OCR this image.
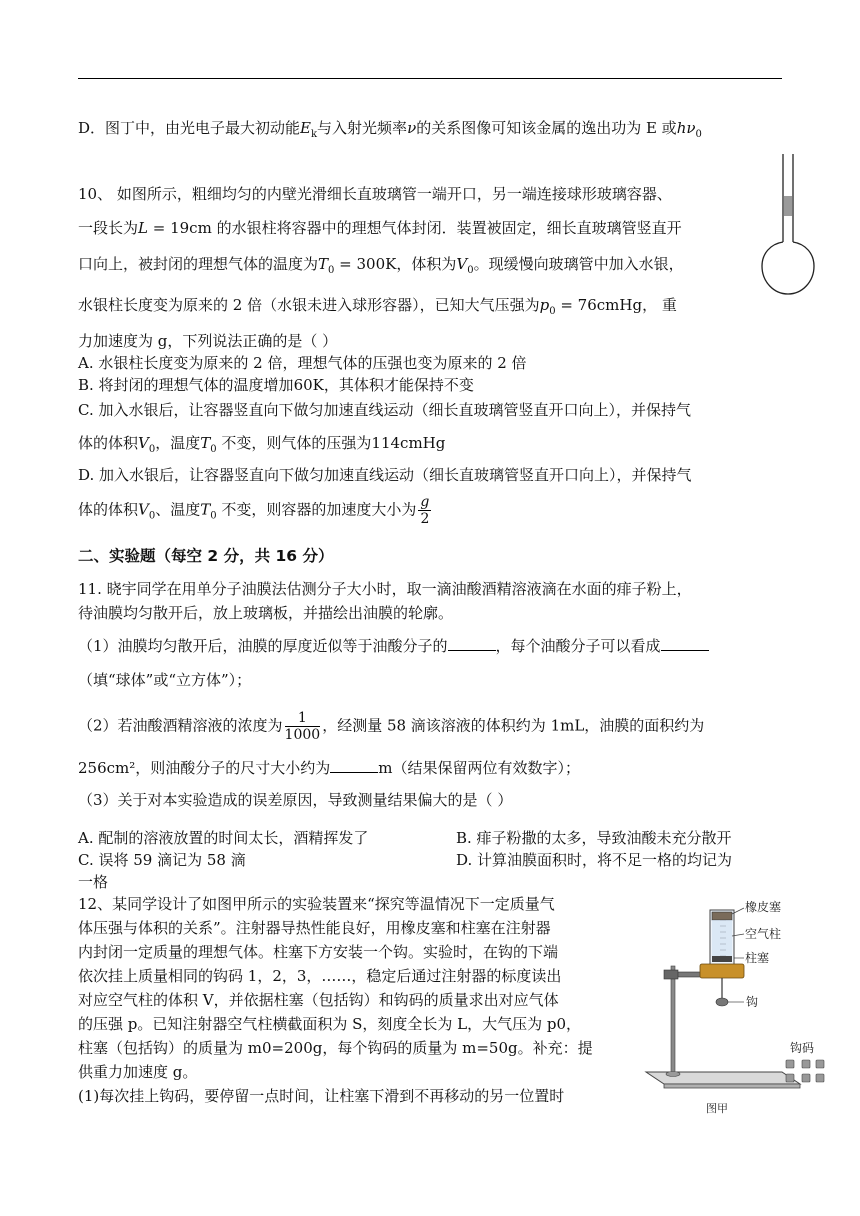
D．图丁中，由光电子最大初动能$E_k$与入射光频率ν的关系图像可知该金属的逸出功为 E 或$h\nu_0$
10、 如图所示，粗细均匀的内壁光滑细长直玻璃管一端开口，另一端连接球形玻璃容器、
一段长为L = 19cm 的水银柱将容器中的理想气体封闭．装置被固定，细长直玻璃管竖直开
口向上，被封闭的理想气体的温度为$T_0 = 300K$，体积为$V_0$。现缓慢向玻璃管中加入水银，
水银柱长度变为原来的 2 倍（水银未进入球形容器），已知大气压强为$p_0$ = 76cmHg， 重
力加速度为 g，下列说法正确的是（ ）
A. 水银柱长度变为原来的 2 倍，理想气体的压强也变为原来的 2 倍
B. 将封闭的理想气体的温度增加60K，其体积才能保持不变
C. 加入水银后，让容器竖直向下做匀加速直线运动（细长直玻璃管竖直开口向上），并保持气
体的体积$V_0$，温度$T_0$ 不变，则气体的压强为114cmHg
D. 加入水银后，让容器竖直向下做匀加速直线运动（细长直玻璃管竖直开口向上），并保持气
体的体积$V_0$、温度$T_0$ 不变，则容器的加速度大小为 $\frac{g}{2}$
二、实验题（每空 2 分，共 16 分）
11. 晓宇同学在用单分子油膜法估测分子大小时，取一滴油酸酒精溶液滴在水面的痱子粉上，
待油膜均匀散开后，放上玻璃板，并描绘出油膜的轮廓。
（1）油膜均匀散开后，油膜的厚度近似等于油酸分子的	，每个油酸分子可以看成
（填“球体”或“立方体”）；
（2）若油酸酒精溶液的浓度为 $\frac{1}{1000}$ ，经测量 58 滴该溶液的体积约为 1mL，油膜的面积约为
256cm²，则油酸分子的尺寸大小约为	m（结果保留两位有效数字）；
（3）关于对本实验造成的误差原因，导致测量结果偏大的是（ ）
A. 配制的溶液放置的时间太长，酒精挥发了	B. 痱子粉撒的太多，导致油酸未充分散开
C. 误将 59 滴记为 58 滴	D. 计算油膜面积时，将不足一格的均记为
一格
12、某同学设计了如图甲所示的实验装置来“探究等温情况下一定质量气
体压强与体积的关系”。注射器导热性能良好，用橡皮塞和柱塞在注射器
内封闭一定质量的理想气体。柱塞下方安装一个钩。实验时，在钩的下端
依次挂上质量相同的钩码 1，2，3，……，稳定后通过注射器的标度读出
对应空气柱的体积 V，并依据柱塞（包括钩）和钩码的质量求出对应气体
的压强 p。已知注射器空气柱横截面积为 S，刻度全长为 L，大气压为 p0，
柱塞（包括钩）的质量为 m0=200g，每个钩码的质量为 m=50g。补充：提
供重力加速度 g。
(1)每次挂上钩码，要停留一点时间，让柱塞下滑到不再移动的另一位置时
橡皮塞
空气柱
柱塞
钩
钩码
图甲
